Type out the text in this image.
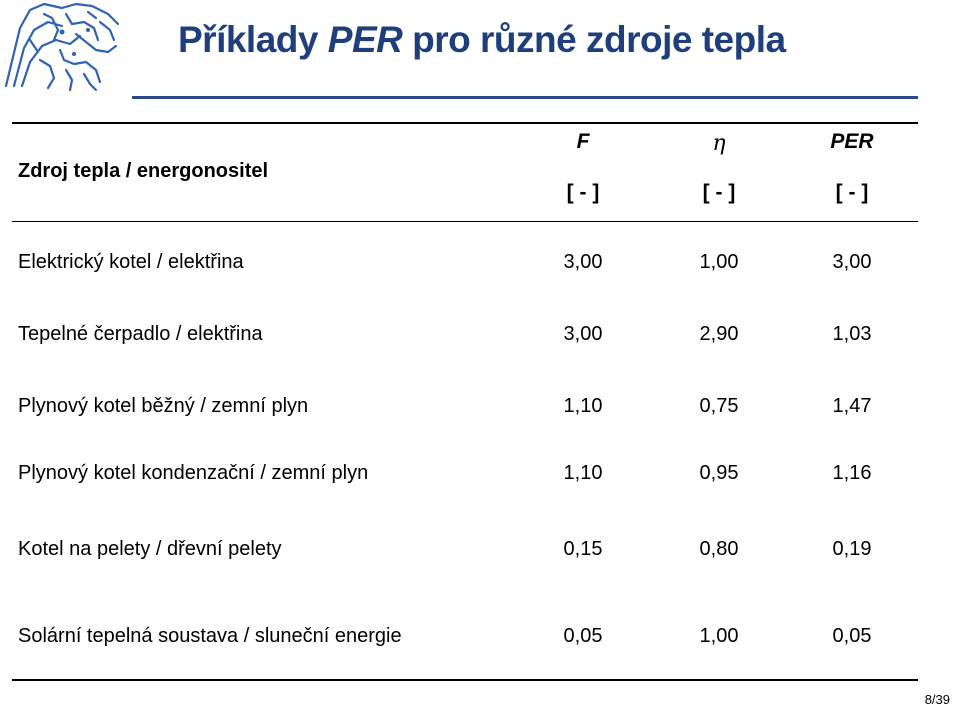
Příklady PER pro různé zdroje tepla
Zdroj tepla / energonositel
F	η	PER
[ - ]	[ - ]	[ - ]
Elektrický kotel / elektřina	3,00	1,00	3,00
Tepelné čerpadlo / elektřina	3,00	2,90	1,03
Plynový kotel běžný / zemní plyn	1,10	0,75	1,47
Plynový kotel kondenzační / zemní plyn	1,10	0,95	1,16
Kotel na pelety / dřevní pelety	0,15	0,80	0,19
Solární tepelná soustava / sluneční energie	0,05	1,00	0,05
8/39
